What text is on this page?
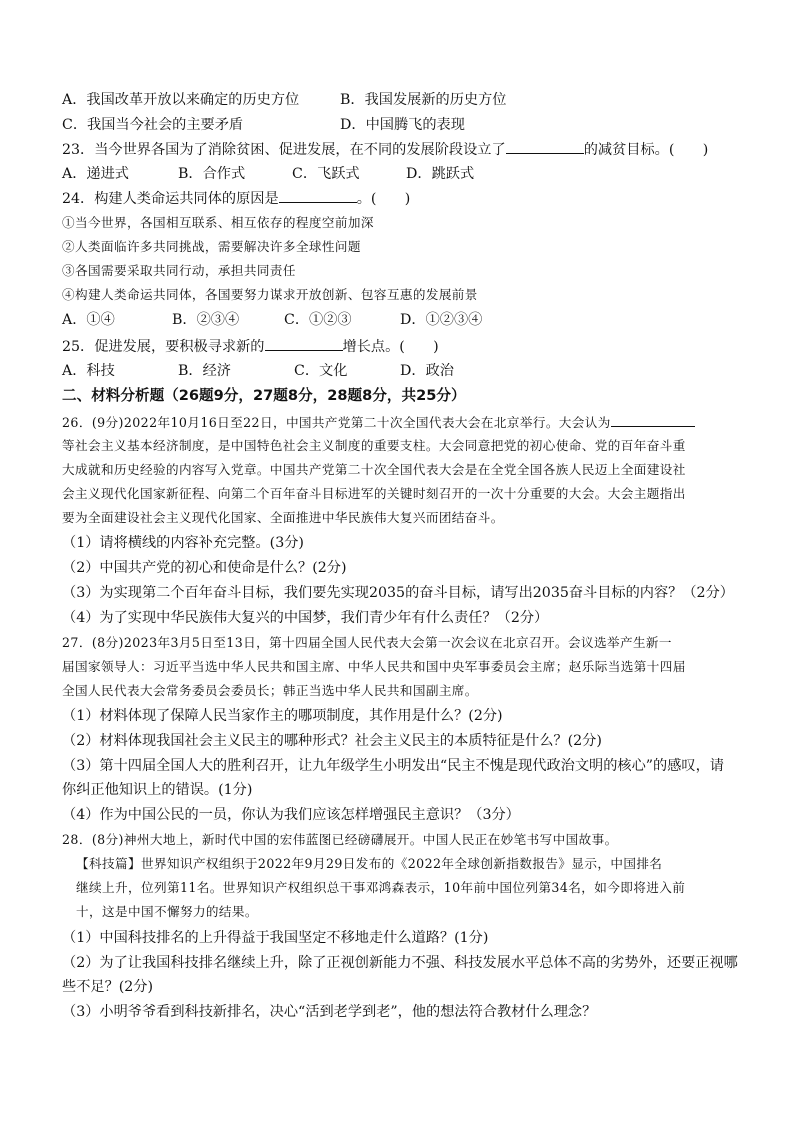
A．我国改革开放以来确定的历史方位	B．我国发展新的历史方位
C．我国当今社会的主要矛盾	D．中国腾飞的表现
23．当今世界各国为了消除贫困、促进发展，在不同的发展阶段设立了	的减贫目标。(　　)
A．递进式	B．合作式	C．飞跃式	D．跳跃式
24．构建人类命运共同体的原因是	。(　　)
①当今世界，各国相互联系、相互依存的程度空前加深
②人类面临许多共同挑战，需要解决许多全球性问题
③各国需要采取共同行动，承担共同责任
④构建人类命运共同体，各国要努力谋求开放创新、包容互惠的发展前景
A．①④	B．②③④	C．①②③	D．①②③④
25．促进发展，要积极寻求新的	增长点。(　　)
A．科技	B．经济	C．文化	D．政治
二、材料分析题（26题9分，27题8分，28题8分，共25分）
26．(9分)2022年10月16日至22日，中国共产党第二十次全国代表大会在北京举行。大会认为
等社会主义基本经济制度，是中国特色社会主义制度的重要支柱。大会同意把党的初心使命、党的百年奋斗重
大成就和历史经验的内容写入党章。中国共产党第二十次全国代表大会是在全党全国各族人民迈上全面建设社
会主义现代化国家新征程、向第二个百年奋斗目标进军的关键时刻召开的一次十分重要的大会。大会主题指出
要为全面建设社会主义现代化国家、全面推进中华民族伟大复兴而团结奋斗。
（1）请将横线的内容补充完整。(3分)
（2）中国共产党的初心和使命是什么？(2分)
（3）为实现第二个百年奋斗目标，我们要先实现2035的奋斗目标，请写出2035奋斗目标的内容？（2分）
（4）为了实现中华民族伟大复兴的中国梦，我们青少年有什么责任？（2分）
27．(8分)2023年3月5日至13日，第十四届全国人民代表大会第一次会议在北京召开。会议选举产生新一
届国家领导人：习近平当选中华人民共和国主席、中华人民共和国中央军事委员会主席；赵乐际当选第十四届
全国人民代表大会常务委员会委员长；韩正当选中华人民共和国副主席。
（1）材料体现了保障人民当家作主的哪项制度，其作用是什么？(2分)
（2）材料体现我国社会主义民主的哪种形式？社会主义民主的本质特征是什么？(2分)
（3）第十四届全国人大的胜利召开，让九年级学生小明发出“民主不愧是现代政治文明的核心”的感叹，请
你纠正他知识上的错误。(1分)
（4）作为中国公民的一员，你认为我们应该怎样增强民主意识？（3分）
28．(8分)神州大地上，新时代中国的宏伟蓝图已经磅礴展开。中国人民正在妙笔书写中国故事。
【科技篇】世界知识产权组织于2022年9月29日发布的《2022年全球创新指数报告》显示，中国排名
继续上升，位列第11名。世界知识产权组织总干事邓鸿森表示，10年前中国位列第34名，如今即将进入前
十，这是中国不懈努力的结果。
（1）中国科技排名的上升得益于我国坚定不移地走什么道路？(1分)
（2）为了让我国科技排名继续上升，除了正视创新能力不强、科技发展水平总体不高的劣势外，还要正视哪
些不足？(2分)
（3）小明爷爷看到科技新排名，决心“活到老学到老”，他的想法符合教材什么理念？
